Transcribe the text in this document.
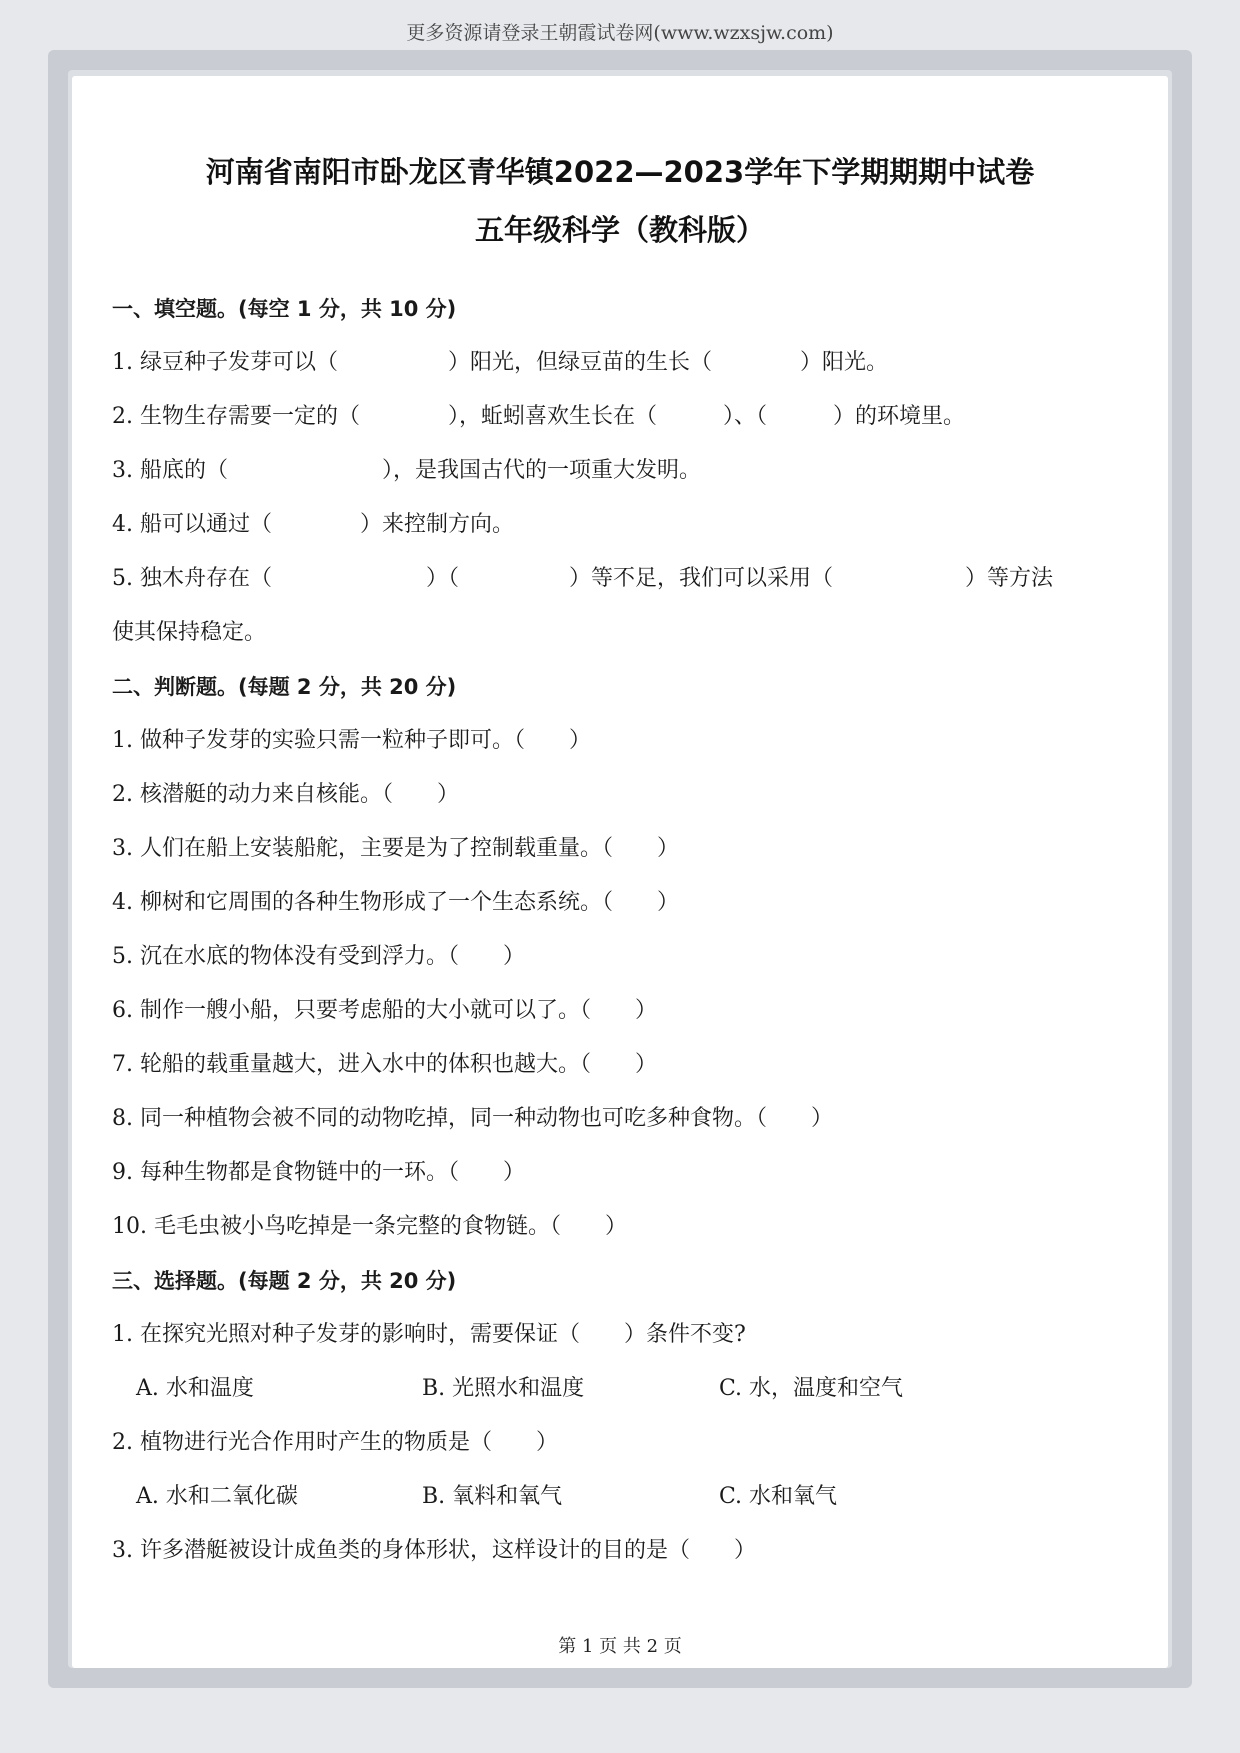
更多资源请登录王朝霞试卷网(www.wzxsjw.com)
河南省南阳市卧龙区青华镇2022—2023学年下学期期期中试卷
五年级科学（教科版）
一、填空题。(每空 1 分，共 10 分)
1. 绿豆种子发芽可以（　　　　　）阳光，但绿豆苗的生长（　　　　）阳光。
2. 生物生存需要一定的（　　　　），蚯蚓喜欢生长在（　　　）、（　　　）的环境里。
3. 船底的（　　　　　　　），是我国古代的一项重大发明。
4. 船可以通过（　　　　）来控制方向。
5. 独木舟存在（　　　　　　　）（　　　　　）等不足，我们可以采用（　　　　　　）等方法
使其保持稳定。
二、判断题。(每题 2 分，共 20 分)
1. 做种子发芽的实验只需一粒种子即可。（　　）
2. 核潜艇的动力来自核能。（　　）
3. 人们在船上安装船舵，主要是为了控制载重量。（　　）
4. 柳树和它周围的各种生物形成了一个生态系统。（　　）
5. 沉在水底的物体没有受到浮力。（　　）
6. 制作一艘小船，只要考虑船的大小就可以了。（　　）
7. 轮船的载重量越大，进入水中的体积也越大。（　　）
8. 同一种植物会被不同的动物吃掉，同一种动物也可吃多种食物。（　　）
9. 每种生物都是食物链中的一环。（　　）
10. 毛毛虫被小鸟吃掉是一条完整的食物链。（　　）
三、选择题。(每题 2 分，共 20 分)
1. 在探究光照对种子发芽的影响时，需要保证（　　）条件不变?
A. 水和温度	B. 光照水和温度	C. 水，温度和空气
2. 植物进行光合作用时产生的物质是（　　）
A. 水和二氧化碳	B. 氧料和氧气	C. 水和氧气
3. 许多潜艇被设计成鱼类的身体形状，这样设计的目的是（　　）
第 1 页 共 2 页
